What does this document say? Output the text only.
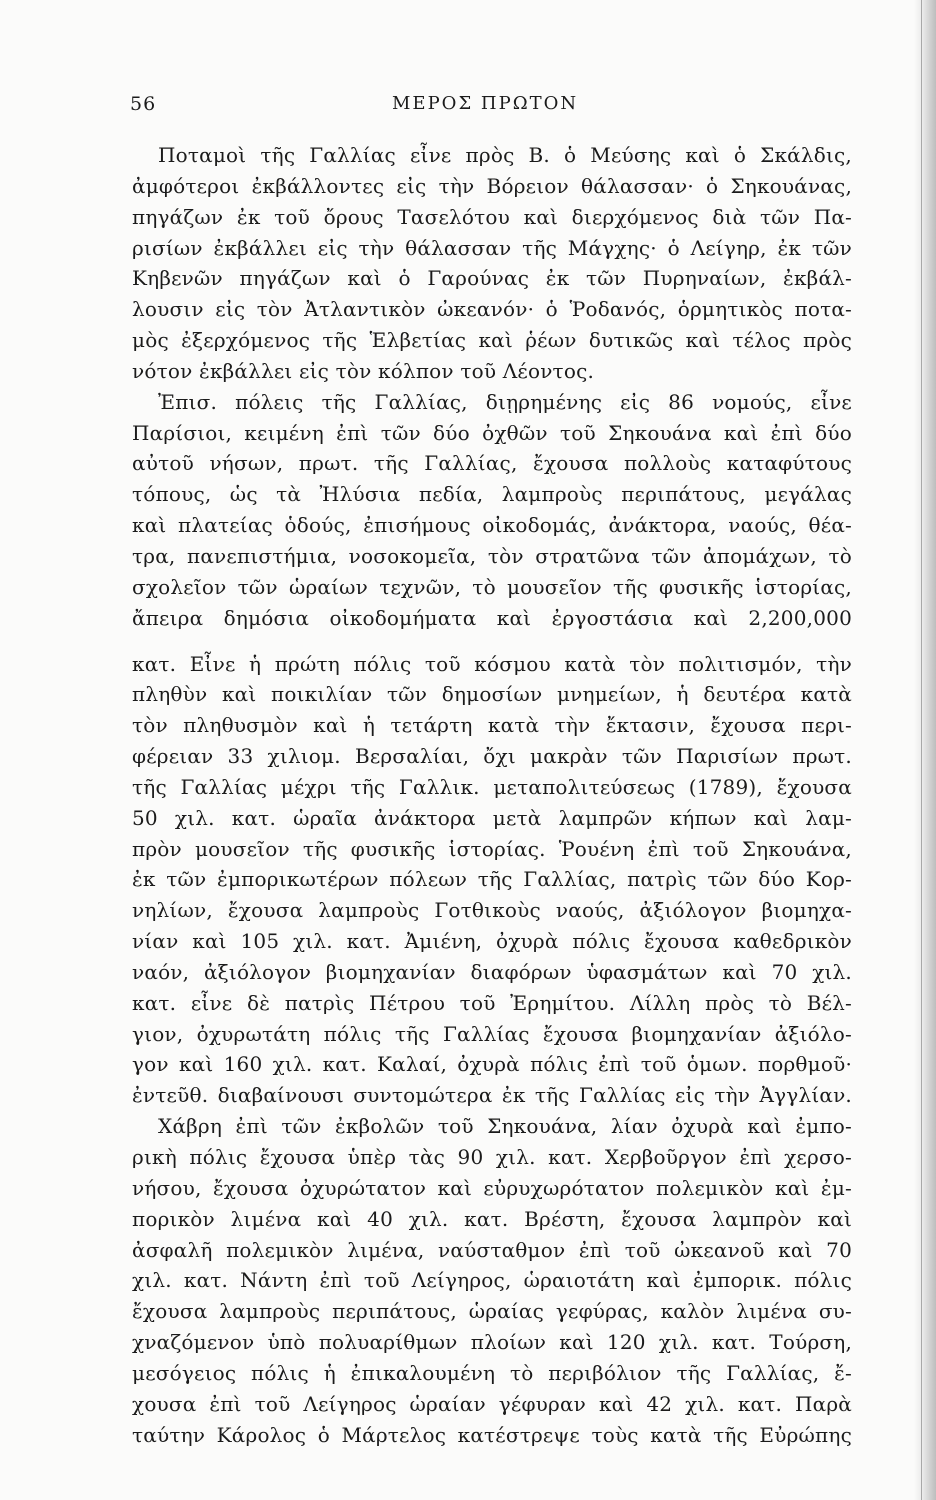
56	ΜΕΡΟΣ ΠΡΩΤΟΝ
Ποταμοὶ τῆς Γαλλίας εἶνε πρὸς Β. ὁ Μεύσης καὶ ὁ Σκάλδις,
ἀμφότεροι ἐκβάλλοντες εἰς τὴν Βόρειον θάλασσαν· ὁ Σηκουάνας,
πηγάζων ἐκ τοῦ ὄρους Τασελότου καὶ διερχόμενος διὰ τῶν Πα-
ρισίων ἐκβάλλει εἰς τὴν θάλασσαν τῆς Μάγχης· ὁ Λείγηρ, ἐκ τῶν
Κηβενῶν πηγάζων καὶ ὁ Γαρούνας ἐκ τῶν Πυρηναίων, ἐκβάλ-
λουσιν εἰς τὸν Ἀτλαντικὸν ὠκεανόν· ὁ Ῥοδανός, ὁρμητικὸς ποτα-
μὸς ἐξερχόμενος τῆς Ἑλβετίας καὶ ῥέων δυτικῶς καὶ τέλος πρὸς
νότον ἐκβάλλει εἰς τὸν κόλπον τοῦ Λέοντος.
Ἐπισ. πόλεις τῆς Γαλλίας, διῃρημένης εἰς 86 νομούς, εἶνε
Παρίσιοι, κειμένη ἐπὶ τῶν δύο ὀχθῶν τοῦ Σηκουάνα καὶ ἐπὶ δύο
αὐτοῦ νήσων, πρωτ. τῆς Γαλλίας, ἔχουσα πολλοὺς καταφύτους
τόπους, ὡς τὰ Ἠλύσια πεδία, λαμπροὺς περιπάτους, μεγάλας
καὶ πλατείας ὁδούς, ἐπισήμους οἰκοδομάς, ἀνάκτορα, ναούς, θέα-
τρα, πανεπιστήμια, νοσοκομεῖα, τὸν στρατῶνα τῶν ἀπομάχων, τὸ
σχολεῖον τῶν ὡραίων τεχνῶν, τὸ μουσεῖον τῆς φυσικῆς ἱστορίας,
ἄπειρα δημόσια οἰκοδομήματα καὶ ἐργοστάσια καὶ 2,200,000
κατ. Εἶνε ἡ πρώτη πόλις τοῦ κόσμου κατὰ τὸν πολιτισμόν, τὴν
πληθὺν καὶ ποικιλίαν τῶν δημοσίων μνημείων, ἡ δευτέρα κατὰ
τὸν πληθυσμὸν καὶ ἡ τετάρτη κατὰ τὴν ἔκτασιν, ἔχουσα περι-
φέρειαν 33 χιλιομ. Βερσαλίαι, ὄχι μακρὰν τῶν Παρισίων πρωτ.
τῆς Γαλλίας μέχρι τῆς Γαλλικ. μεταπολιτεύσεως (1789), ἔχουσα
50 χιλ. κατ. ὡραῖα ἀνάκτορα μετὰ λαμπρῶν κήπων καὶ λαμ-
πρὸν μουσεῖον τῆς φυσικῆς ἱστορίας. Ῥουένη ἐπὶ τοῦ Σηκουάνα,
ἐκ τῶν ἐμπορικωτέρων πόλεων τῆς Γαλλίας, πατρὶς τῶν δύο Κορ-
νηλίων, ἔχουσα λαμπροὺς Γοτθικοὺς ναούς, ἀξιόλογον βιομηχα-
νίαν καὶ 105 χιλ. κατ. Ἀμιένη, ὀχυρὰ πόλις ἔχουσα καθεδρικὸν
ναόν, ἀξιόλογον βιομηχανίαν διαφόρων ὑφασμάτων καὶ 70 χιλ.
κατ. εἶνε δὲ πατρὶς Πέτρου τοῦ Ἐρημίτου. Λίλλη πρὸς τὸ Βέλ-
γιον, ὀχυρωτάτη πόλις τῆς Γαλλίας ἔχουσα βιομηχανίαν ἀξιόλο-
γον καὶ 160 χιλ. κατ. Καλαί, ὀχυρὰ πόλις ἐπὶ τοῦ ὁμων. πορθμοῦ·
ἐντεῦθ. διαβαίνουσι συντομώτερα ἐκ τῆς Γαλλίας εἰς τὴν Ἀγγλίαν.
Χάβρη ἐπὶ τῶν ἐκβολῶν τοῦ Σηκουάνα, λίαν ὀχυρὰ καὶ ἐμπο-
ρικὴ πόλις ἔχουσα ὑπὲρ τὰς 90 χιλ. κατ. Χερβοῦργον ἐπὶ χερσο-
νήσου, ἔχουσα ὀχυρώτατον καὶ εὐρυχωρότατον πολεμικὸν καὶ ἐμ-
πορικὸν λιμένα καὶ 40 χιλ. κατ. Βρέστη, ἔχουσα λαμπρὸν καὶ
ἀσφαλῆ πολεμικὸν λιμένα, ναύσταθμον ἐπὶ τοῦ ὠκεανοῦ καὶ 70
χιλ. κατ. Νάντη ἐπὶ τοῦ Λείγηρος, ὡραιοτάτη καὶ ἐμπορικ. πόλις
ἔχουσα λαμπροὺς περιπάτους, ὡραίας γεφύρας, καλὸν λιμένα συ-
χναζόμενον ὑπὸ πολυαρίθμων πλοίων καὶ 120 χιλ. κατ. Τούρση,
μεσόγειος πόλις ἡ ἐπικαλουμένη τὸ περιβόλιον τῆς Γαλλίας, ἔ-
χουσα ἐπὶ τοῦ Λείγηρος ὡραίαν γέφυραν καὶ 42 χιλ. κατ. Παρὰ
ταύτην Κάρολος ὁ Μάρτελος κατέστρεψε τοὺς κατὰ τῆς Εὐρώπης
